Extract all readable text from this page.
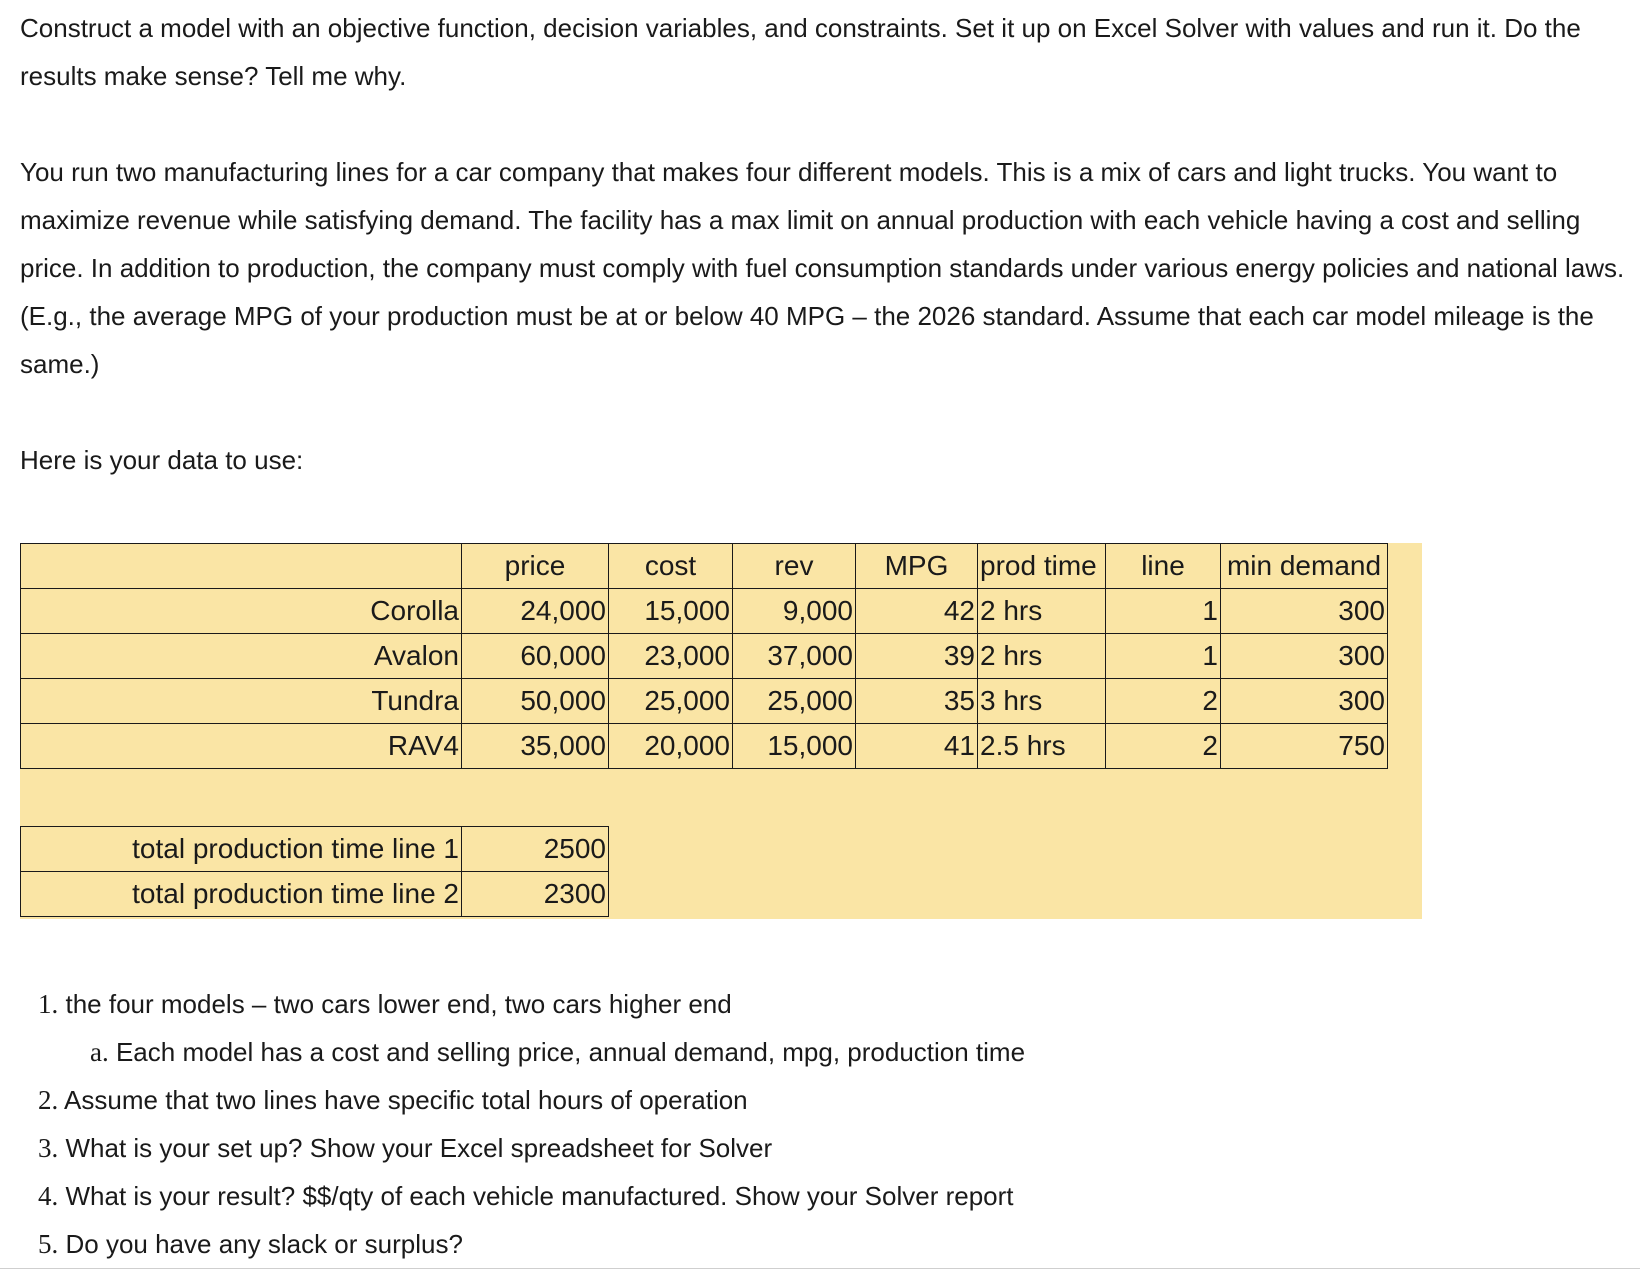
Construct a model with an objective function, decision variables, and constraints. Set it up on Excel Solver with values and run it. Do the results make sense? Tell me why.

You run two manufacturing lines for a car company that makes four different models. This is a mix of cars and light trucks. You want to maximize revenue while satisfying demand. The facility has a max limit on annual production with each vehicle having a cost and selling price. In addition to production, the company must comply with fuel consumption standards under various energy policies and national laws. (E.g., the average MPG of your production must be at or below 40 MPG – the 2026 standard. Assume that each car model mileage is the same.)

Here is your data to use:

	price	cost	rev	MPG	prod time	line	min demand
Corolla	24,000	15,000	9,000	42	2 hrs	1	300
Avalon	60,000	23,000	37,000	39	2 hrs	1	300
Tundra	50,000	25,000	25,000	35	3 hrs	2	300
RAV4	35,000	20,000	15,000	41	2.5 hrs	2	750
total production time line 1	2500
total production time line 2	2300
1. the four models – two cars lower end, two cars higher end
a. Each model has a cost and selling price, annual demand, mpg, production time
2. Assume that two lines have specific total hours of operation
3. What is your set up? Show your Excel spreadsheet for Solver
4. What is your result? $$/qty of each vehicle manufactured. Show your Solver report
5. Do you have any slack or surplus?
